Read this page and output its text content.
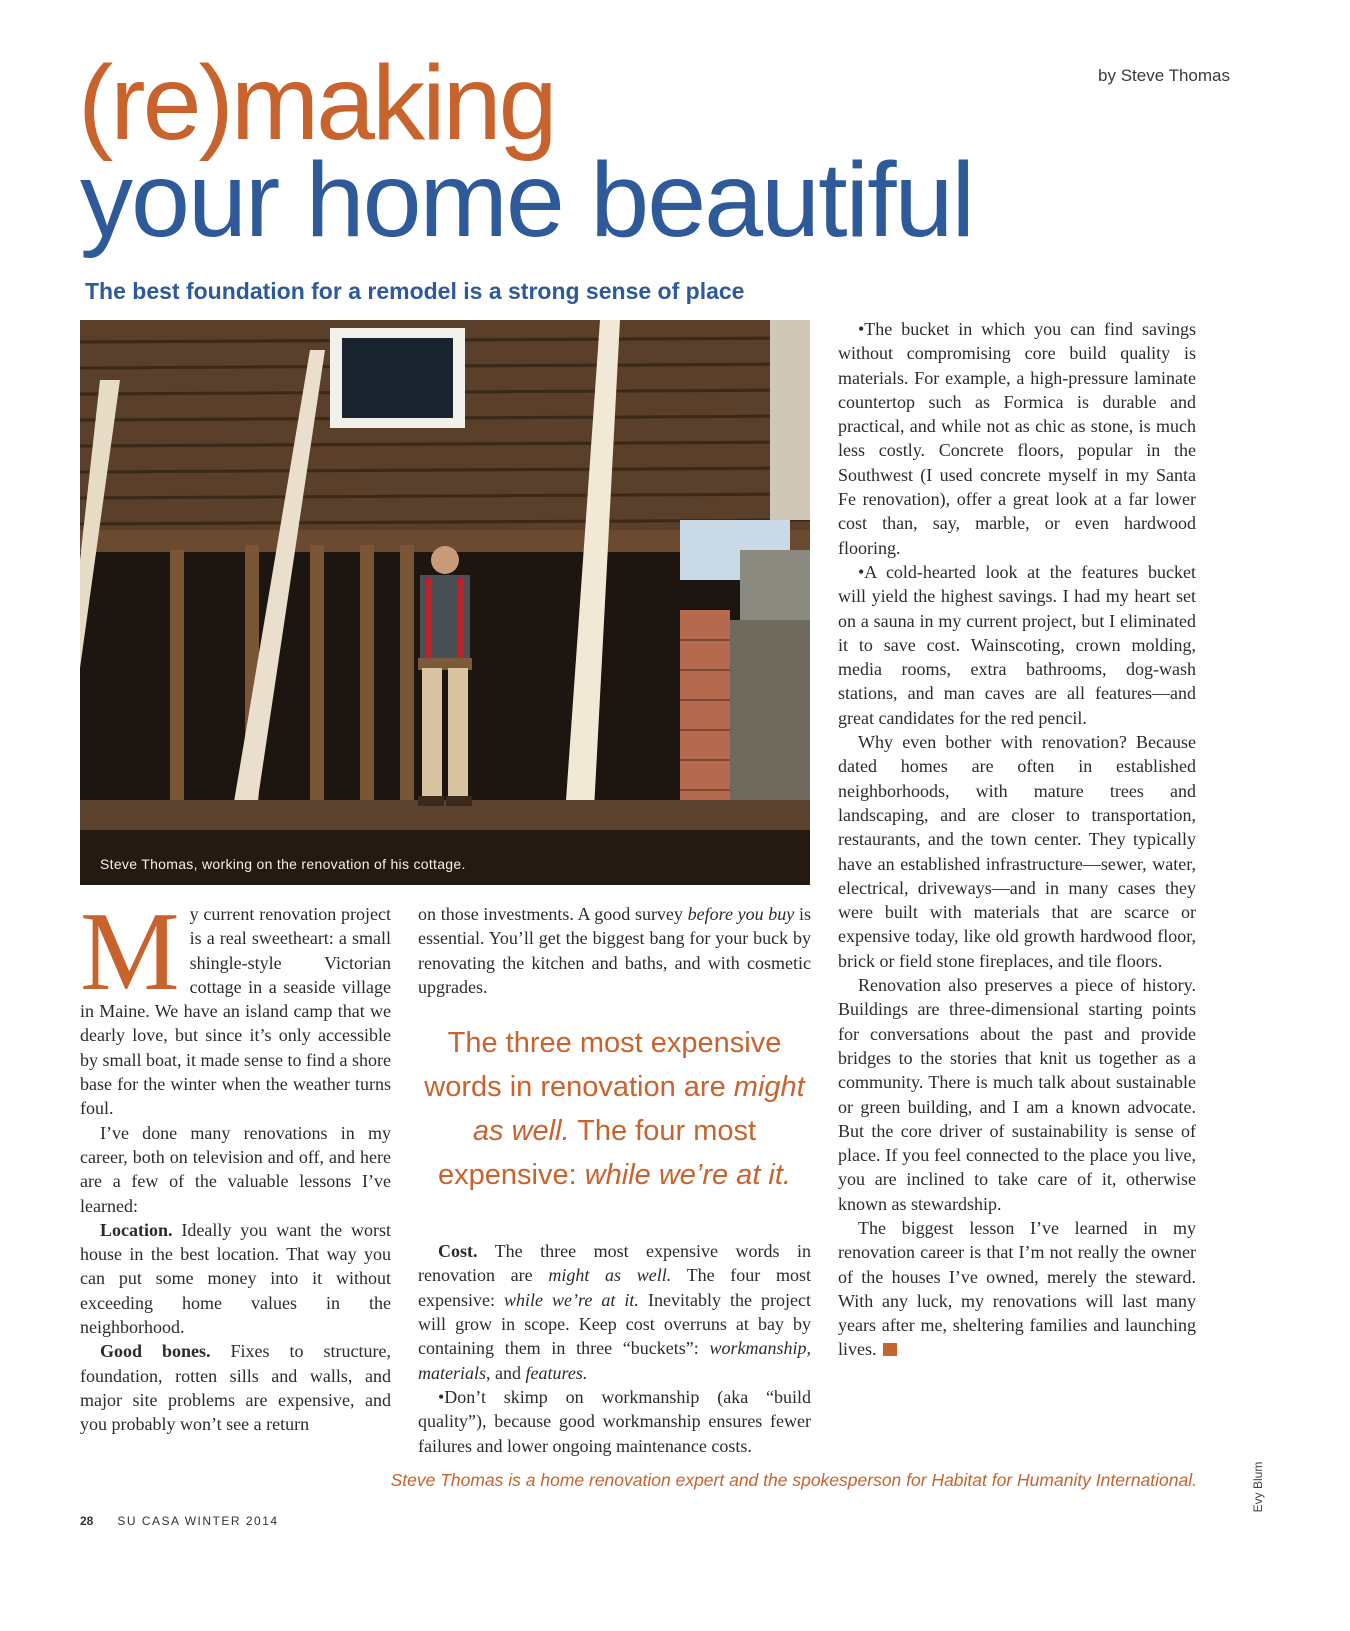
by Steve Thomas
(re)making
your home beautiful
The best foundation for a remodel is a strong sense of place
Steve Thomas, working on the renovation of his cottage.

My current renovation project is a real sweetheart: a small shingle-style Victorian cottage in a seaside village in Maine. We have an island camp that we dearly love, but since it’s only accessible by small boat, it made sense to find a shore base for the winter when the weather turns foul.

I’ve done many renovations in my career, both on television and off, and here are a few of the valuable lessons I’ve learned:

Location. Ideally you want the worst house in the best location. That way you can put some money into it without exceeding home values in the neighborhood.

Good bones. Fixes to structure, foundation, rotten sills and walls, and major site problems are expensive, and you probably won’t see a return

on those investments. A good survey before you buy is essential. You’ll get the biggest bang for your buck by renovating the kitchen and baths, and with cosmetic upgrades.

The three most expensive words in renovation are might as well. The four most expensive: while we’re at it.

Cost. The three most expensive words in renovation are might as well. The four most expensive: while we’re at it. Inevitably the project will grow in scope. Keep cost overruns at bay by containing them in three “buckets”: workmanship, materials, and features.

•Don’t skimp on workmanship (aka “build quality”), because good workmanship ensures fewer failures and lower ongoing maintenance costs.

•The bucket in which you can find savings without compromising core build quality is materials. For example, a high-pressure laminate countertop such as Formica is durable and practical, and while not as chic as stone, is much less costly. Concrete floors, popular in the Southwest (I used concrete myself in my Santa Fe renovation), offer a great look at a far lower cost than, say, marble, or even hardwood flooring.

•A cold-hearted look at the features bucket will yield the highest savings. I had my heart set on a sauna in my current project, but I eliminated it to save cost. Wainscoting, crown molding, media rooms, extra bathrooms, dog-wash stations, and man caves are all features—and great candidates for the red pencil.

Why even bother with renovation? Because dated homes are often in established neighborhoods, with mature trees and landscaping, and are closer to transportation, restaurants, and the town center. They typically have an established infrastructure—sewer, water, electrical, driveways—and in many cases they were built with materials that are scarce or expensive today, like old growth hardwood floor, brick or field stone fireplaces, and tile floors.

Renovation also preserves a piece of history. Buildings are three-dimensional starting points for conversations about the past and provide bridges to the stories that knit us together as a community. There is much talk about sustainable or green building, and I am a known advocate. But the core driver of sustainability is sense of place. If you feel connected to the place you live, you are inclined to take care of it, otherwise known as stewardship.

The biggest lesson I’ve learned in my renovation career is that I’m not really the owner of the houses I’ve owned, merely the steward. With any luck, my renovations will last many years after me, sheltering families and launching lives.

Steve Thomas is a home renovation expert and the spokesperson for Habitat for Humanity International.	Evy Blum
28 SU CASA WINTER 2014
